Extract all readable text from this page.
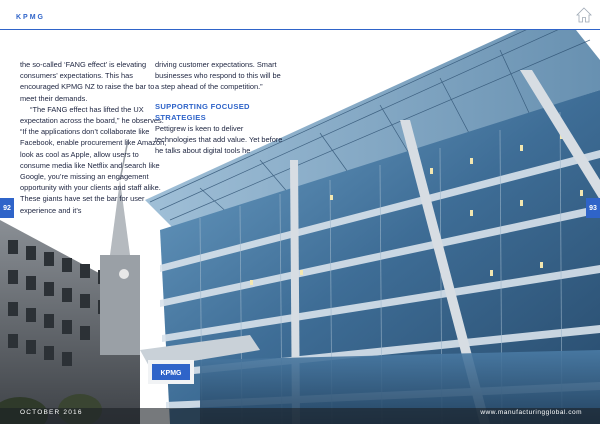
KPMG
KPMG

the so-called ‘FANG effect’ is elevating consumers’ expectations. This has encouraged KPMG NZ to raise the bar to meet their demands.

“The FANG effect has lifted the UX expectation across the board,” he observes. “If the applications don’t collaborate like Facebook, enable procurement like Amazon, look as cool as Apple, allow users to consume media like Netflix and search like Google, you’re missing an engagement opportunity with your clients and staff alike. These giants have set the bar for user experience and it’s

driving customer expectations. Smart businesses who respond to this will be a step ahead of the competition.”

SUPPORTING FOCUSED STRATEGIES

Pettigrew is keen to deliver technologies that add value. Yet before he talks about digital tools he

92	93
OCTOBER 2016	www.manufacturingglobal.com
